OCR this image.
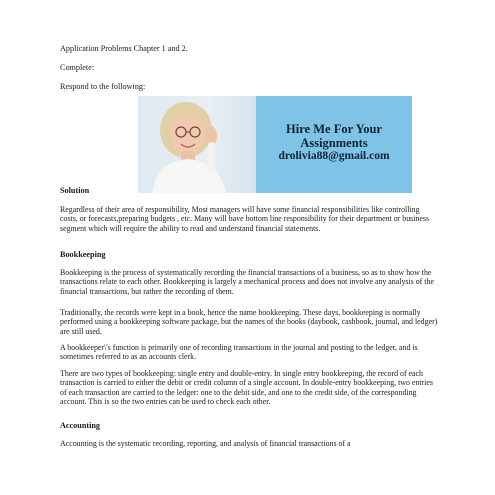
Application Problems Chapter 1 and 2.
Complete:
Respond to the following:
Hire Me For Your
Assignments
drolivia88@gmail.com
Solution

Regardless of their area of responsibility, Most managers will have some financial responsibilities like controlling costs, or forecasts,preparing budgets , etc. Many will have bottom line responsibility for their department or business segment which will require the ability to read and understand financial statements.

Bookkeeping

Bookkeeping is the process of systematically recording the financial transactions of a business, so as to show how the transactions relate to each other. Bookkeeping is largely a mechanical process and does not involve any analysis of the financial transactions, but rather the recording of them.

Traditionally, the records were kept in a book, hence the name bookkeeping. These days, bookkeeping is normally performed using a bookkeeping software package, but the names of the books (daybook, cashbook, journal, and ledger) are still used.

A bookkeeper\'s function is primarily one of recording transactions in the journal and posting to the ledger, and is sometimes referred to as an accounts clerk.

There are two types of bookkeeping: single entry and double-entry. In single entry bookkeeping, the record of each transaction is carried to either the debit or credit column of a single account. In double-entry bookkeeping, two entries of each transaction are carried to the ledger: one to the debit side, and one to the credit side, of the corresponding account. This is so the two entries can be used to check each other.

Accounting

Accounting is the systematic recording, reporting, and analysis of financial transactions of a
